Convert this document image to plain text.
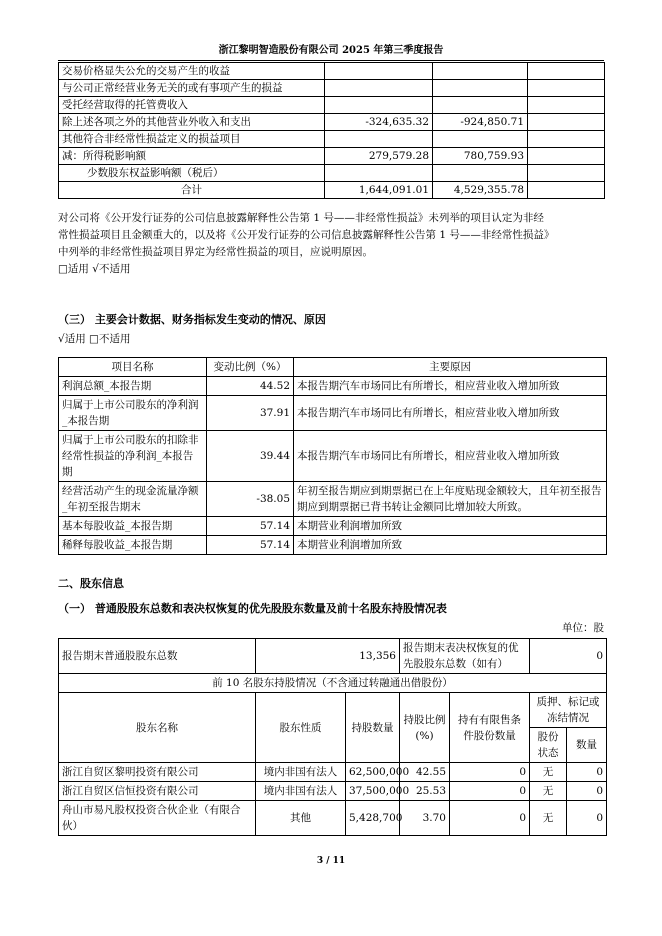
浙江黎明智造股份有限公司 2025 年第三季度报告
交易价格显失公允的交易产生的收益			
与公司正常经营业务无关的或有事项产生的损益			
受托经营取得的托管费收入			
除上述各项之外的其他营业外收入和支出	-324,635.32	-924,850.71	
其他符合非经常性损益定义的损益项目			
减：所得税影响额	279,579.28	780,759.93	
少数股东权益影响额（税后）			
合计	1,644,091.01	4,529,355.78	
对公司将《公开发行证券的公司信息披露解释性公告第 1 号——非经常性损益》未列举的项目认定为非经
常性损益项目且金额重大的，以及将《公开发行证券的公司信息披露解释性公告第 1 号——非经常性损益》
中列举的非经常性损益项目界定为经常性损益的项目，应说明原因。
□适用 √不适用
（三） 主要会计数据、财务指标发生变动的情况、原因
√适用 □不适用
项目名称	变动比例（%）	主要原因
利润总额_本报告期	44.52	本报告期汽车市场同比有所增长，相应营业收入增加所致
归属于上市公司股东的净利润_本报告期	37.91	本报告期汽车市场同比有所增长，相应营业收入增加所致
归属于上市公司股东的扣除非经常性损益的净利润_本报告期	39.44	本报告期汽车市场同比有所增长，相应营业收入增加所致
经营活动产生的现金流量净额_年初至报告期末	-38.05	年初至报告期应到期票据已在上年度贴现金额较大，且年初至报告期应到期票据已背书转让金额同比增加较大所致。
基本每股收益_本报告期	57.14	本期营业利润增加所致
稀释每股收益_本报告期	57.14	本期营业利润增加所致
二、股东信息
（一） 普通股股东总数和表决权恢复的优先股股东数量及前十名股东持股情况表
单位：股
报告期末普通股股东总数	13,356		报告期末表决权恢复的优先股股东总数（如有）		0	
前 10 名股东持股情况（不含通过转融通出借股份）						
股东名称	股东性质	持股数量	持股比例(%)	持有有限售条件股份数量	质押、标记或冻结情况	
					股份状态	数量
浙江自贸区黎明投资有限公司	境内非国有法人	62,500,000	42.55	0	无	0
浙江自贸区信恒投资有限公司	境内非国有法人	37,500,000	25.53	0	无	0
舟山市易凡股权投资合伙企业（有限合伙）	其他	5,428,700	3.70	0	无	0
3 / 11
